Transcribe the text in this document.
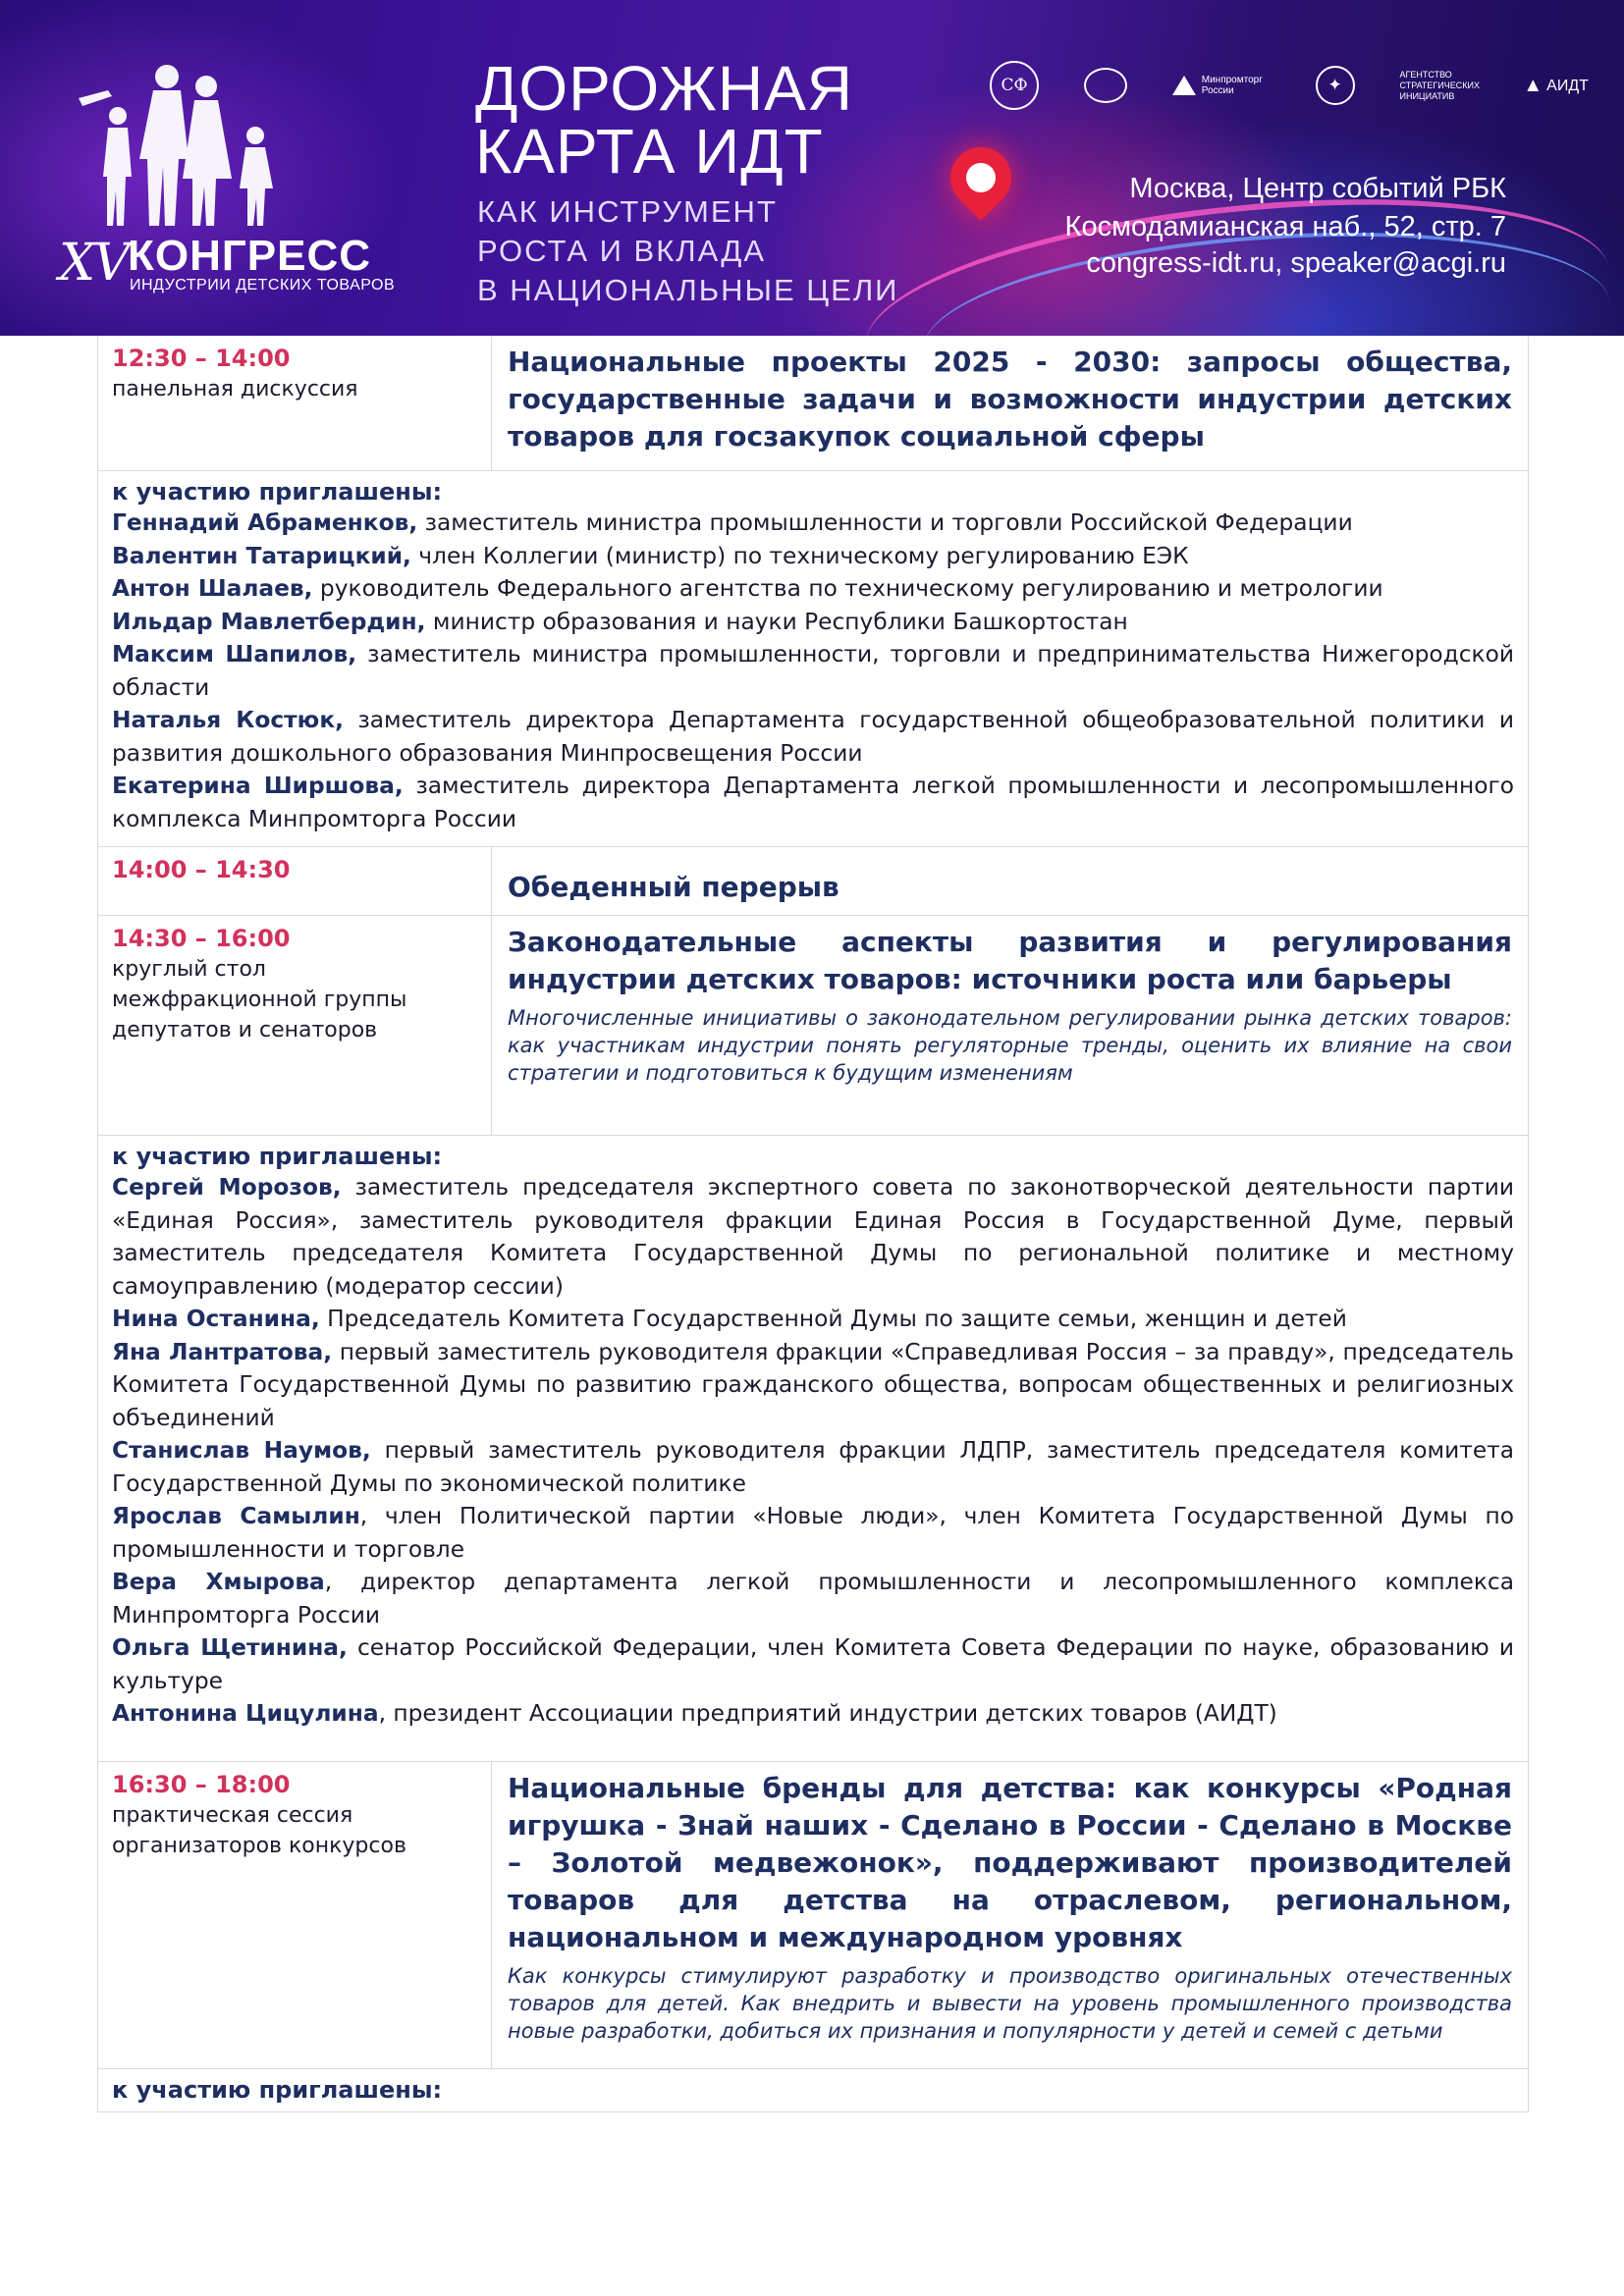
XV КОНГРЕСС
ИНДУСТРИИ ДЕТСКИХ ТОВАРОВ
ДОРОЖНАЯ
КАРТА ИДТ
КАК ИНСТРУМЕНТ
РОСТА И ВКЛАДА
В НАЦИОНАЛЬНЫЕ ЦЕЛИ
Москва, Центр событий РБК
Космодамианская наб., 52, стр. 7
congress-idt.ru, speaker@acgi.ru
СФ	Минпромторг России	✦
АГЕНТСТВО СТРАТЕГИЧЕСКИХ ИНИЦИАТИВ	▲ АИДТ
12:30 – 14:00
панельная дискуссия
Национальные проекты 2025 - 2030: запросы общества, государственные задачи и возможности индустрии детских товаров для госзакупок социальной сферы
к участию приглашены:
Геннадий Абраменков, заместитель министра промышленности и торговли Российской Федерации
Валентин Татарицкий, член Коллегии (министр) по техническому регулированию ЕЭК
Антон Шалаев, руководитель Федерального агентства по техническому регулированию и метрологии
Ильдар Мавлетбердин, министр образования и науки Республики Башкортостан
Максим Шапилов, заместитель министра промышленности, торговли и предпринимательства Нижегородской области
Наталья Костюк, заместитель директора Департамента государственной общеобразовательной политики и развития дошкольного образования Минпросвещения России
Екатерина Ширшова, заместитель директора Департамента легкой промышленности и лесопромышленного комплекса Минпромторга России
14:00 – 14:30
Обеденный перерыв
14:30 – 16:00
круглый стол межфракционной группы депутатов и сенаторов
Законодательные аспекты развития и регулирования индустрии детских товаров: источники роста или барьеры
Многочисленные инициативы о законодательном регулировании рынка детских товаров: как участникам индустрии понять регуляторные тренды, оценить их влияние на свои стратегии и подготовиться к будущим изменениям
к участию приглашены:
Сергей Морозов, заместитель председателя экспертного совета по законотворческой деятельности партии «Единая Россия», заместитель руководителя фракции Единая Россия в Государственной Думе, первый заместитель председателя Комитета Государственной Думы по региональной политике и местному самоуправлению (модератор сессии)
Нина Останина, Председатель Комитета Государственной Думы по защите семьи, женщин и детей
Яна Лантратова, первый заместитель руководителя фракции «Справедливая Россия – за правду», председатель Комитета Государственной Думы по развитию гражданского общества, вопросам общественных и религиозных объединений
Станислав Наумов, первый заместитель руководителя фракции ЛДПР, заместитель председателя комитета Государственной Думы по экономической политике
Ярослав Самылин, член Политической партии «Новые люди», член Комитета Государственной Думы по промышленности и торговле
Вера Хмырова, директор департамента легкой промышленности и лесопромышленного комплекса Минпромторга России
Ольга Щетинина, сенатор Российской Федерации, член Комитета Совета Федерации по науке, образованию и культуре
Антонина Цицулина, президент Ассоциации предприятий индустрии детских товаров (АИДТ)
16:30 – 18:00
практическая сессия организаторов конкурсов
Национальные бренды для детства: как конкурсы «Родная игрушка - Знай наших - Сделано в России - Сделано в Москве – Золотой медвежонок», поддерживают производителей товаров для детства на отраслевом, региональном, национальном и международном уровнях
Как конкурсы стимулируют разработку и производство оригинальных отечественных товаров для детей. Как внедрить и вывести на уровень промышленного производства новые разработки, добиться их признания и популярности у детей и семей с детьми
к участию приглашены:
